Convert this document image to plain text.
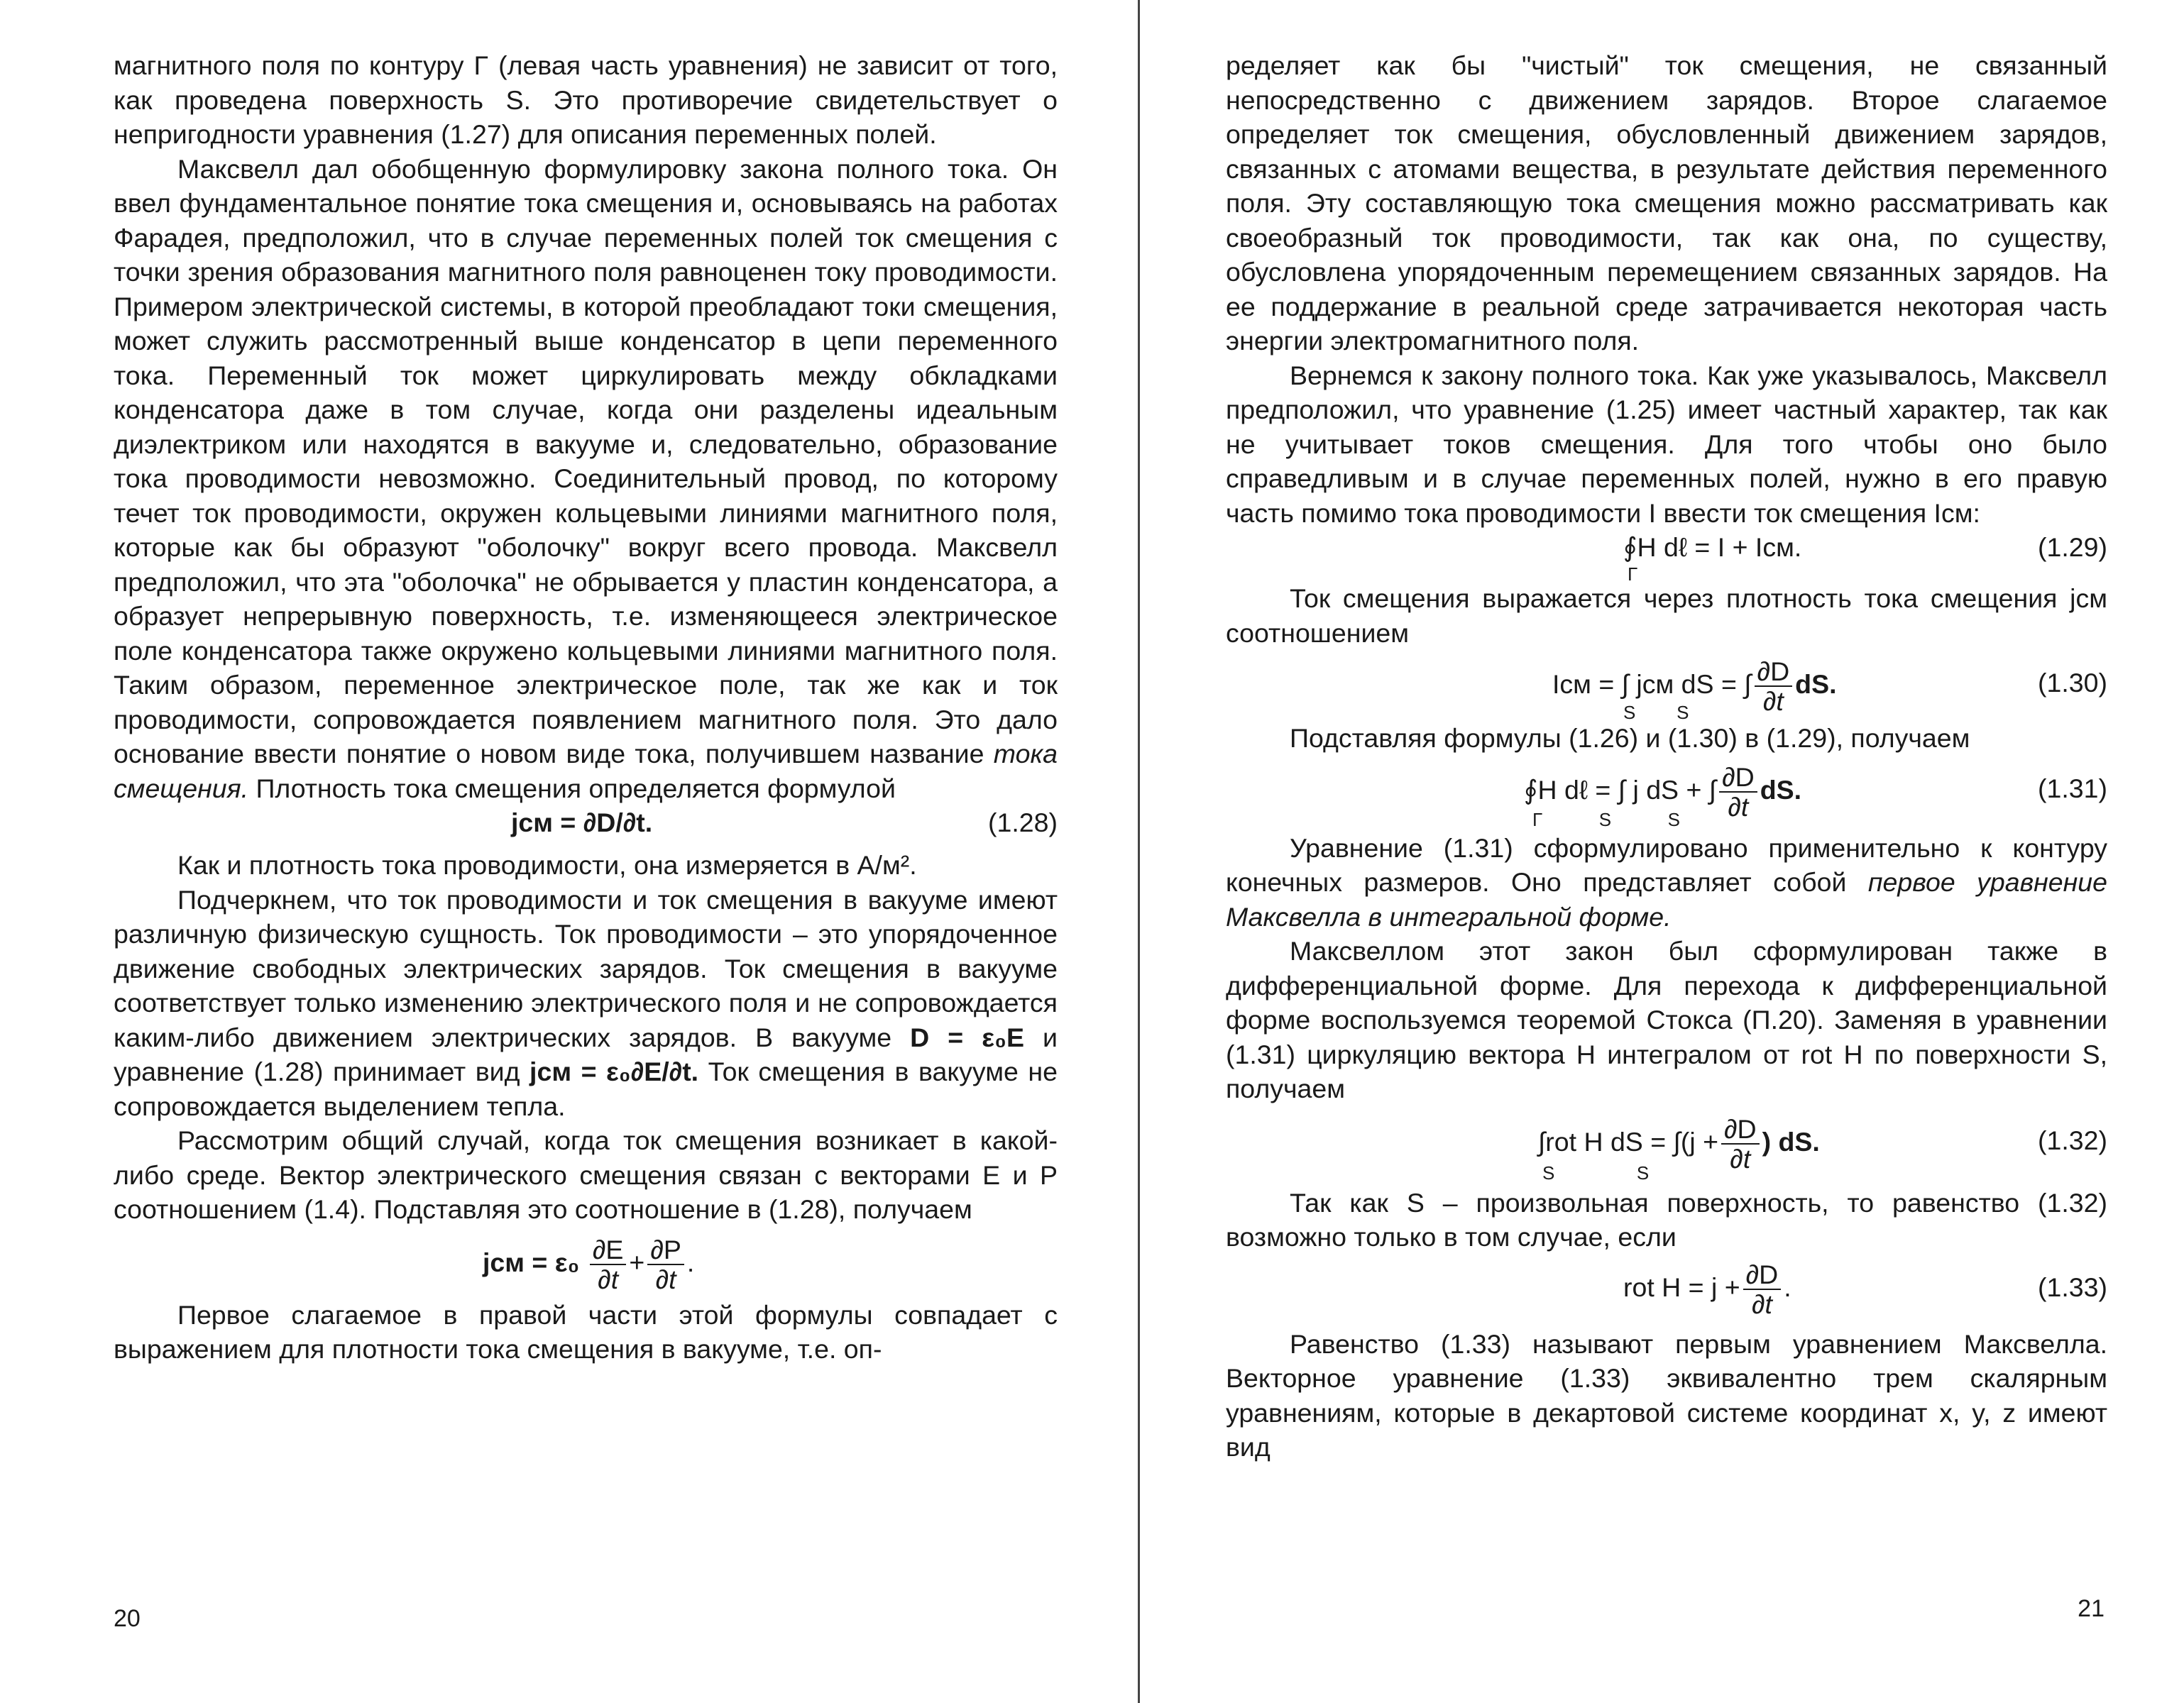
магнитного поля по контуру Γ (левая часть уравнения) не зависит от того, как проведена поверхность S. Это противоречие свидетельствует о непригодности уравнения (1.27) для описания переменных полей.

Максвелл дал обобщенную формулировку закона полного тока. Он ввел фундаментальное понятие тока смещения и, основываясь на работах Фарадея, предположил, что в случае переменных полей ток смещения с точки зрения образования магнитного поля равноценен току проводимости. Примером электрической системы, в которой преобладают токи смещения, может служить рассмотренный выше конденсатор в цепи переменного тока. Переменный ток может циркулировать между обкладками конденсатора даже в том случае, когда они разделены идеальным диэлектриком или находятся в вакууме и, следовательно, образование тока проводимости невозможно. Соединительный провод, по которому течет ток проводимости, окружен кольцевыми линиями магнитного поля, которые как бы образуют "оболочку" вокруг всего провода. Максвелл предположил, что эта "оболочка" не обрывается у пластин конденсатора, а образует непрерывную поверхность, т.е. изменяющееся электрическое поле конденсатора также окружено кольцевыми линиями магнитного поля. Таким образом, переменное электрическое поле, так же как и ток проводимости, сопровождается появлением магнитного поля. Это дало основание ввести понятие о новом виде тока, получившем название тока смещения. Плотность тока смещения определяется формулой

jсм = ∂D/∂t.	(1.28)

Как и плотность тока проводимости, она измеряется в А/м².

Подчеркнем, что ток проводимости и ток смещения в вакууме имеют различную физическую сущность. Ток проводимости – это упорядоченное движение свободных электрических зарядов. Ток смещения в вакууме соответствует только изменению электрического поля и не сопровождается каким-либо движением электрических зарядов. В вакууме D = ε₀E и уравнение (1.28) принимает вид jсм = ε₀∂E/∂t. Ток смещения в вакууме не сопровождается выделением тепла.

Рассмотрим общий случай, когда ток смещения возникает в какой-либо среде. Вектор электрического смещения связан с векторами E и P соотношением (1.4). Подставляя это соотношение в (1.28), получаем

jсм = $\varepsilon_0 \frac{\partial E}{\partial t} + \frac{\partial P}{\partial t}$ .

Первое слагаемое в правой части этой формулы совпадает с выражением для плотности тока смещения в вакууме, т.е. оп-

20

ределяет как бы "чистый" ток смещения, не связанный непосредственно с движением зарядов. Второе слагаемое определяет ток смещения, обусловленный движением зарядов, связанных с атомами вещества, в результате действия переменного поля. Эту составляющую тока смещения можно рассматривать как своеобразный ток проводимости, так как она, по существу, обусловлена упорядоченным перемещением связанных зарядов. На ее поддержание в реальной среде затрачивается некоторая часть энергии электромагнитного поля.

Вернемся к закону полного тока. Как уже указывалось, Максвелл предположил, что уравнение (1.25) имеет частный характер, так как не учитывает токов смещения. Для того чтобы оно было справедливым и в случае переменных полей, нужно в его правую часть помимо тока проводимости I ввести ток смещения Iсм:

∮H dℓ = I + Iсм.
Γ
(1.29)

Ток смещения выражается через плотность тока смещения jсм соотношением

Iсм = ∫ jсм dS = ∫ $\frac{\partial D}{\partial t}$ dS.
S        S
(1.30)

Подставляя формулы (1.26) и (1.30) в (1.29), получаем

∮H dℓ = ∫ j dS + ∫ $\frac{\partial D}{\partial t}$ dS.
Γ           S           S
(1.31)

Уравнение (1.31) сформулировано применительно к контуру конечных размеров. Оно представляет собой первое уравнение Максвелла в интегральной форме.

Максвеллом этот закон был сформулирован также в дифференциальной форме. Для перехода к дифференциальной форме воспользуемся теоремой Стокса (П.20). Заменяя в уравнении (1.31) циркуляцию вектора H интегралом от rot H по поверхности S, получаем

∫rot H dS = $\int(j + \frac{\partial D}{\partial t}$ ) dS.
S                S
(1.32)

Так как S – произвольная поверхность, то равенство (1.32) возможно только в том случае, если

rot $H = j + \frac{\partial D}{\partial t}$ .	(1.33)

Равенство (1.33) называют первым уравнением Максвелла. Векторное уравнение (1.33) эквивалентно трем скалярным уравнениям, которые в декартовой системе координат x, y, z имеют вид

21
